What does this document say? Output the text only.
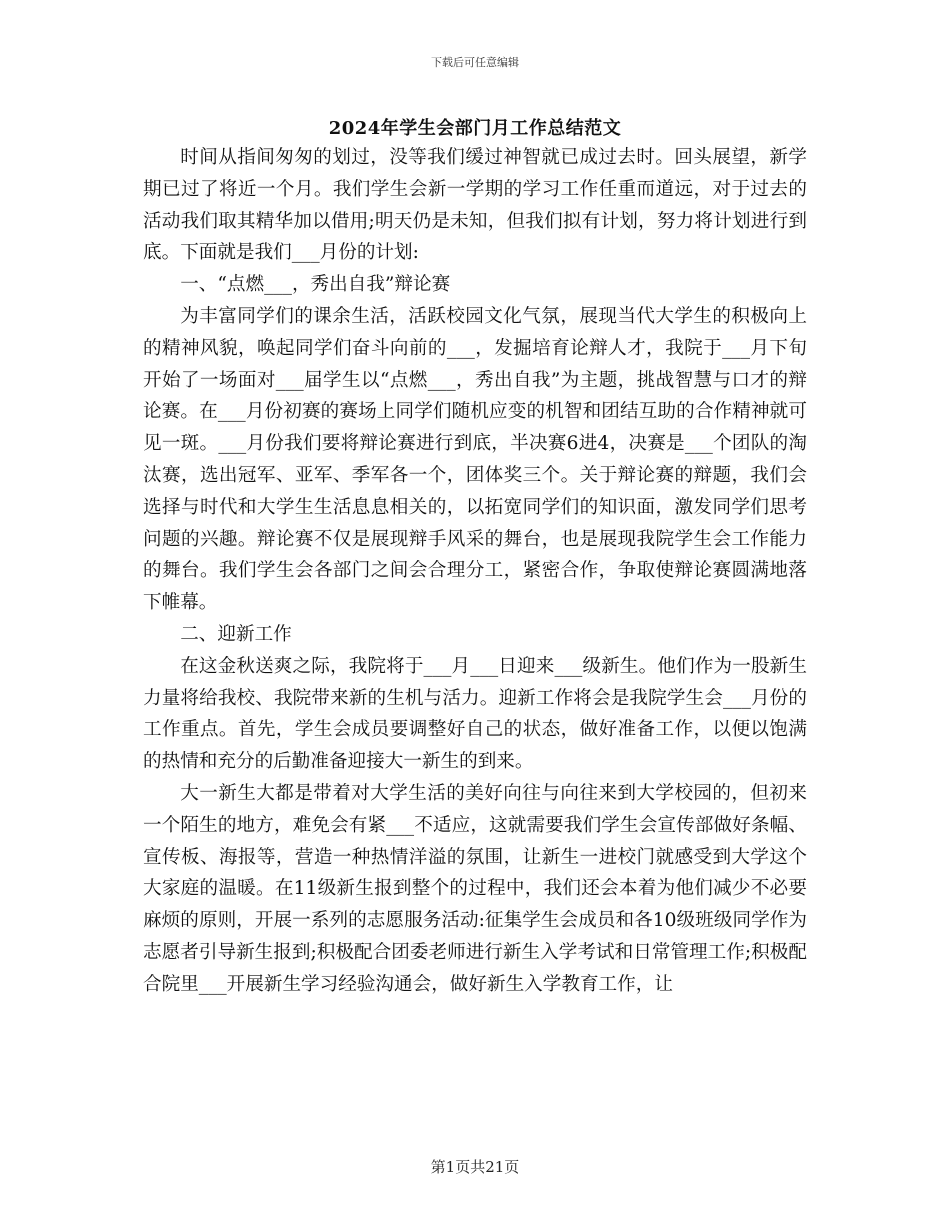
下载后可任意编辑
2024年学生会部门月工作总结范文

时间从指间匆匆的划过，没等我们缓过神智就已成过去时。回头展望，新学期已过了将近一个月。我们学生会新一学期的学习工作任重而道远，对于过去的活动我们取其精华加以借用;明天仍是未知，但我们拟有计划，努力将计划进行到底。下面就是我们___月份的计划:

一、“点燃___，秀出自我”辩论赛

为丰富同学们的课余生活，活跃校园文化气氛，展现当代大学生的积极向上的精神风貌，唤起同学们奋斗向前的___，发掘培育论辩人才，我院于___月下旬开始了一场面对___届学生以“点燃___，秀出自我”为主题，挑战智慧与口才的辩论赛。在___月份初赛的赛场上同学们随机应变的机智和团结互助的合作精神就可见一斑。___月份我们要将辩论赛进行到底，半决赛6进4，决赛是___个团队的淘汰赛，选出冠军、亚军、季军各一个，团体奖三个。关于辩论赛的辩题，我们会选择与时代和大学生生活息息相关的，以拓宽同学们的知识面，激发同学们思考问题的兴趣。辩论赛不仅是展现辩手风采的舞台，也是展现我院学生会工作能力的舞台。我们学生会各部门之间会合理分工，紧密合作，争取使辩论赛圆满地落下帷幕。

二、迎新工作

在这金秋送爽之际，我院将于___月___日迎来___级新生。他们作为一股新生力量将给我校、我院带来新的生机与活力。迎新工作将会是我院学生会___月份的工作重点。首先，学生会成员要调整好自己的状态，做好准备工作，以便以饱满的热情和充分的后勤准备迎接大一新生的到来。

大一新生大都是带着对大学生活的美好向往与向往来到大学校园的，但初来一个陌生的地方，难免会有紧___不适应，这就需要我们学生会宣传部做好条幅、宣传板、海报等，营造一种热情洋溢的氛围，让新生一进校门就感受到大学这个大家庭的温暖。在11级新生报到整个的过程中，我们还会本着为他们减少不必要麻烦的原则，开展一系列的志愿服务活动:征集学生会成员和各10级班级同学作为志愿者引导新生报到;积极配合团委老师进行新生入学考试和日常管理工作;积极配合院里___开展新生学习经验沟通会，做好新生入学教育工作，让

第1页共21页
